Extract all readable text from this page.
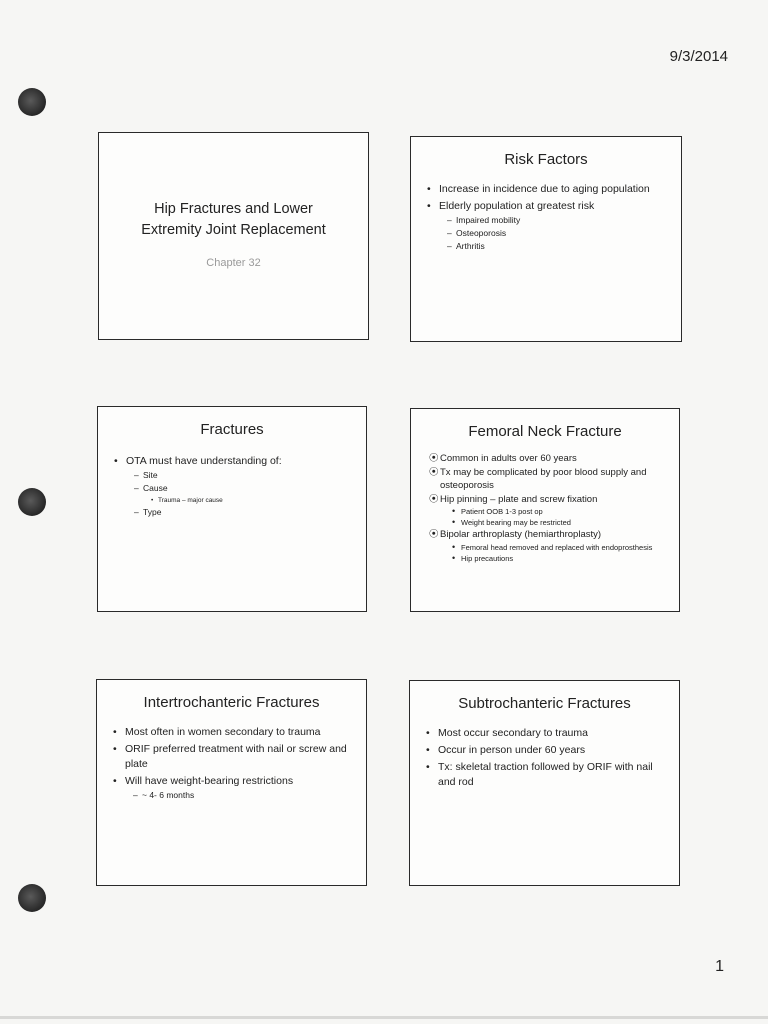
9/3/2014
Hip Fractures and Lower Extremity Joint Replacement
Chapter 32
Risk Factors
• Increase in incidence due to aging population
• Elderly population at greatest risk
– Impaired mobility
– Osteoporosis
– Arthritis
Fractures
• OTA must have understanding of:
– Site
– Cause
• Trauma – major cause
– Type
Femoral Neck Fracture
⦿ Common in adults over 60 years
⦿ Tx may be complicated by poor blood supply and osteoporosis
⦿ Hip pinning – plate and screw fixation
• Patient OOB 1-3 post op
• Weight bearing may be restricted
⦿ Bipolar arthroplasty (hemiarthroplasty)
• Femoral head removed and replaced with endoprosthesis
• Hip precautions
Intertrochanteric Fractures
• Most often in women secondary to trauma
• ORIF preferred treatment with nail or screw and plate
• Will have weight-bearing restrictions
– ~ 4- 6 months
Subtrochanteric Fractures
• Most occur secondary to trauma
• Occur in person under 60 years
• Tx: skeletal traction followed by ORIF with nail and rod
1
